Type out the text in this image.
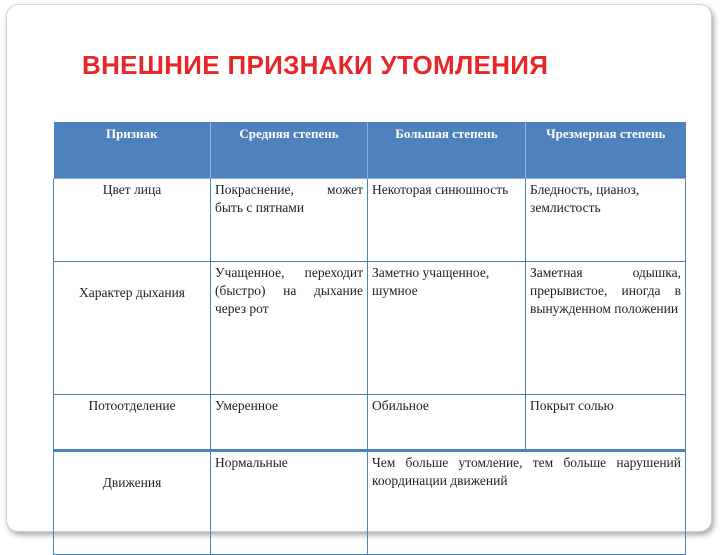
ВНЕШНИЕ ПРИЗНАКИ УТОМЛЕНИЯ
Признак	Средняя степень	Большая степень	Чрезмерная степень
Цвет лица	Покраснение, может быть с пятнами	Некоторая синюшность	Бледность, цианоз, землистость
Характер дыхания	Учащенное, переходит (быстро) на дыхание через рот	Заметно учащенное, шумное	Заметная одышка, прерывистое, иногда в вынужденном положении
Потоотделение	Умеренное	Обильное	Покрыт солью
Движения	Нормальные	Чем больше утомление, тем больше нарушений координации движений	
